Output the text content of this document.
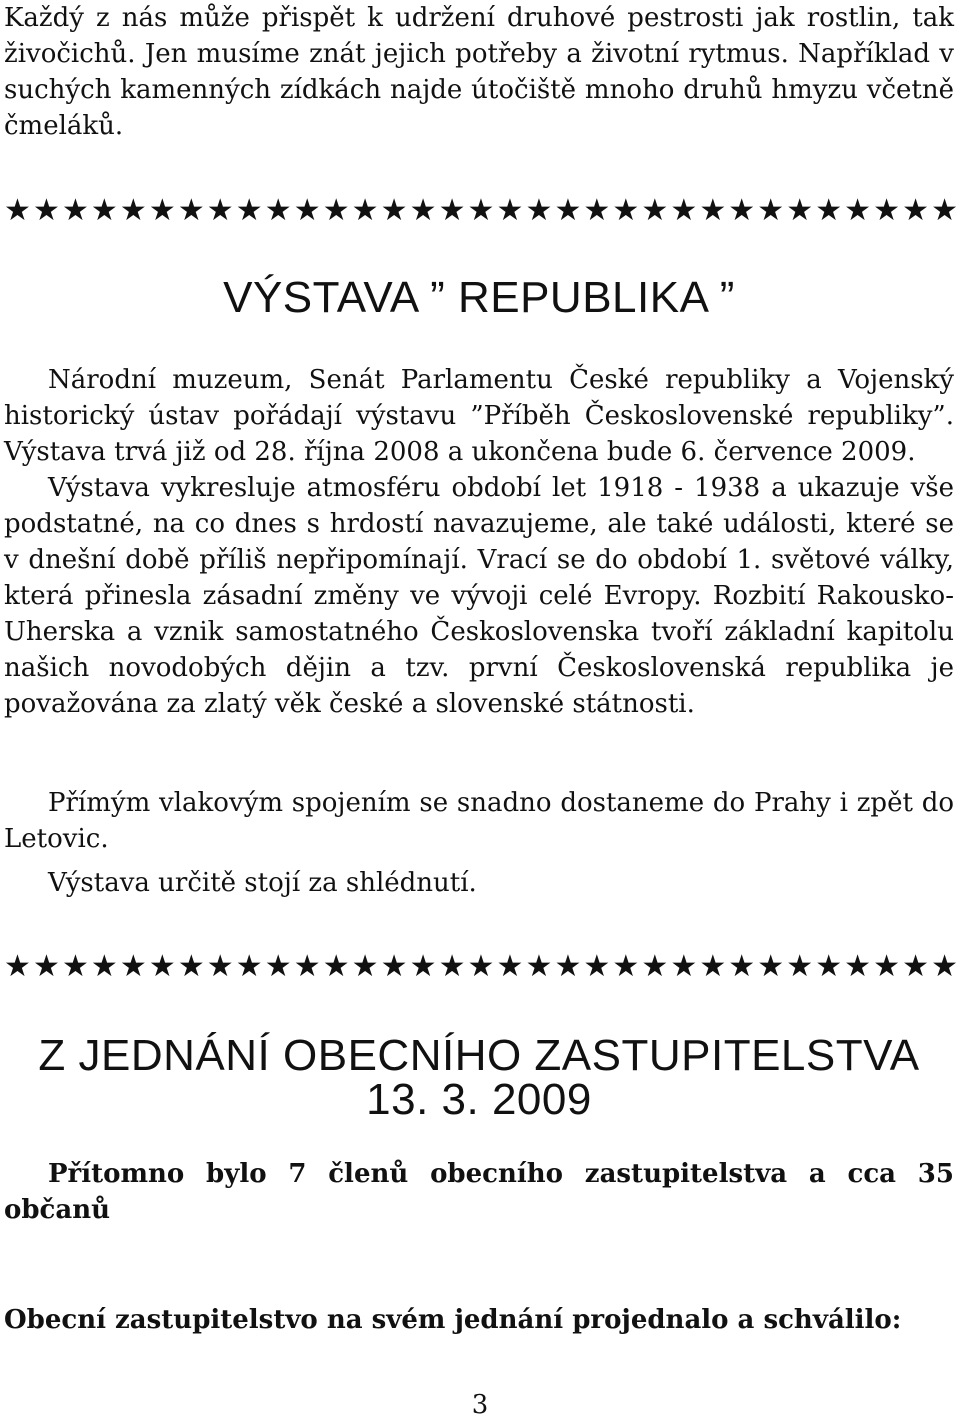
Každý z nás může přispět k udržení druhové pestrosti jak rostlin, tak živočichů. Jen musíme znát jejich potřeby a životní rytmus. Například v suchých kamenných zídkách najde útočiště mnoho druhů hmyzu včetně čmeláků.

★★★★★★★★★★★★★★★★★★★★★★★★★★★★★★★★★
VÝSTAVA ” REPUBLIKA ”

Národní muzeum, Senát Parlamentu České republiky a Vojenský historický ústav pořádají výstavu ”Příběh Československé republiky”. Výstava trvá již od 28. října 2008 a ukončena bude 6. července 2009.

Výstava vykresluje atmosféru období let 1918 - 1938 a ukazuje vše podstatné, na co dnes s hrdostí navazujeme, ale také události, které se v dnešní době příliš nepřipomínají. Vrací se do období 1. světové války, která přinesla zásadní změny ve vývoji celé Evropy. Rozbití Rakousko-Uherska a vznik samostatného Československa tvoří základní kapitolu našich novodobých dějin a tzv. první Československá republika je považována za zlatý věk české a slovenské státnosti.

Přímým vlakovým spojením se snadno dostaneme do Prahy i zpět do Letovic.

Výstava určitě stojí za shlédnutí.

★★★★★★★★★★★★★★★★★★★★★★★★★★★★★★★★★
Z JEDNÁNÍ OBECNÍHO ZASTUPITELSTVA
13. 3. 2009

Přítomno bylo 7 členů obecního zastupitelstva a cca 35 občanů

Obecní zastupitelstvo na svém jednání projednalo a schválilo:

3
